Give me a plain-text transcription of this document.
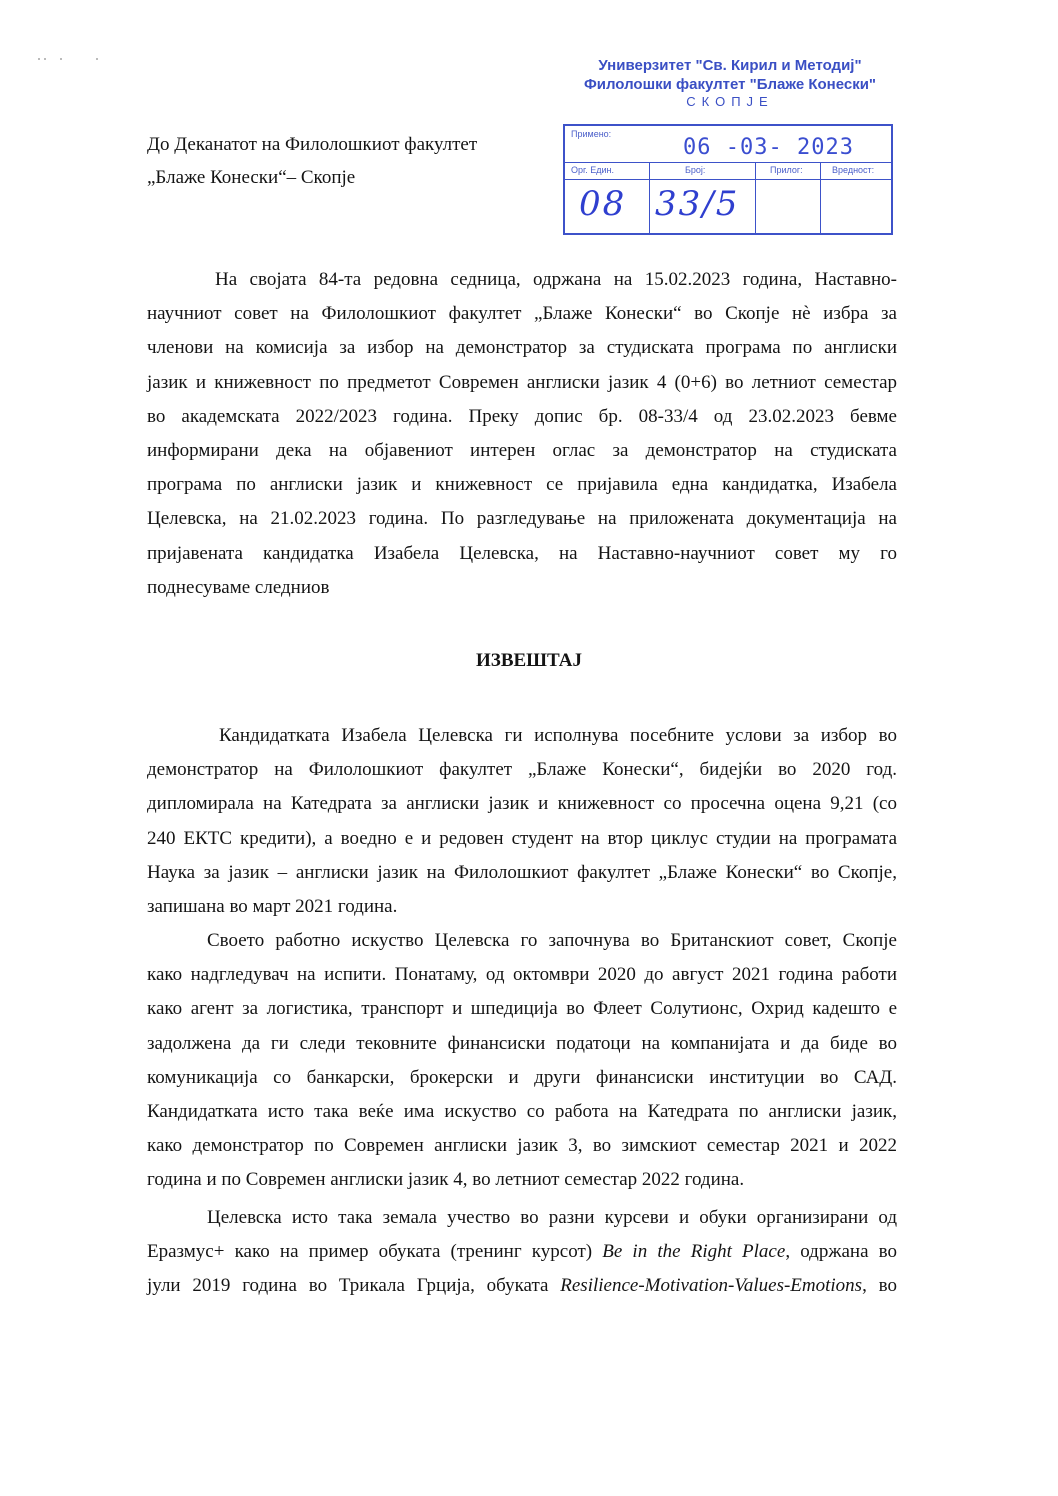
Универзитет "Св. Кирил и Методиј"
Филолошки факултет "Блаже Конески"
СКОПЈЕ
Примено:
06 -03- 2023
Орг. Един.	Број:	Прилог:	Вредност:
08 33/5
До Деканатот на Филолошкиот факултет
„Блаже Конески“– Скопје
На својата 84-та редовна седница, одржана на 15.02.2023 година, Наставно-
научниот совет на Филолошкиот факултет „Блаже Конески“ во Скопје нè избра за
членови на комисија за избор на демонстратор за студиската програма по англиски
јазик и книжевност по предметот Современ англиски јазик 4 (0+6) во летниот семестар
во академската 2022/2023 година. Преку допис бр. 08-33/4 од 23.02.2023 бевме
информирани дека на објавениот интерен оглас за демонстратор на студиската
програма по англиски јазик и книжевност се пријавила една кандидатка, Изабела
Целевска, на 21.02.2023 година. По разгледување на приложената документација на
пријавената кандидатка Изабела Целевска, на Наставно-научниот совет му го
поднесуваме следниов
ИЗВЕШТАЈ
Кандидатката Изабела Целевска ги исполнува посебните услови за избор во
демонстратор на Филолошкиот факултет „Блаже Конески“, бидејќи во 2020 год.
дипломирала на Катедрата за англиски јазик и книжевност со просечна оцена 9,21 (со
240 ЕКТС кредити), а воедно е и редовен студент на втор циклус студии на програмата
Наука за јазик – англиски јазик на Филолошкиот факултет „Блаже Конески“ во Скопје,
запишана во март 2021 година.
Своето работно искуство Целевска го започнува во Британскиот совет, Скопје
како надгледувач на испити. Понатаму, од октомври 2020 до август 2021 година работи
како агент за логистика, транспорт и шпедиција во Флеет Солутионс, Охрид кадешто е
задолжена да ги следи тековните финансиски податоци на компанијата и да биде во
комуникација со банкарски, брокерски и други финансиски институции во САД.
Кандидатката исто така веќе има искуство со работа на Катедрата по англиски јазик,
како демонстратор по Современ англиски јазик 3, во зимскиот семестар 2021 и 2022
година и по Современ англиски јазик 4, во летниот семестар 2022 година.
Целевска исто така земала учество во разни курсеви и обуки организирани од
Еразмус+ како на пример обуката (тренинг курсот) Be in the Right Place, одржана во
јули 2019 година во Трикала Грција, обуката Resilience-Motivation-Values-Emotions, во
